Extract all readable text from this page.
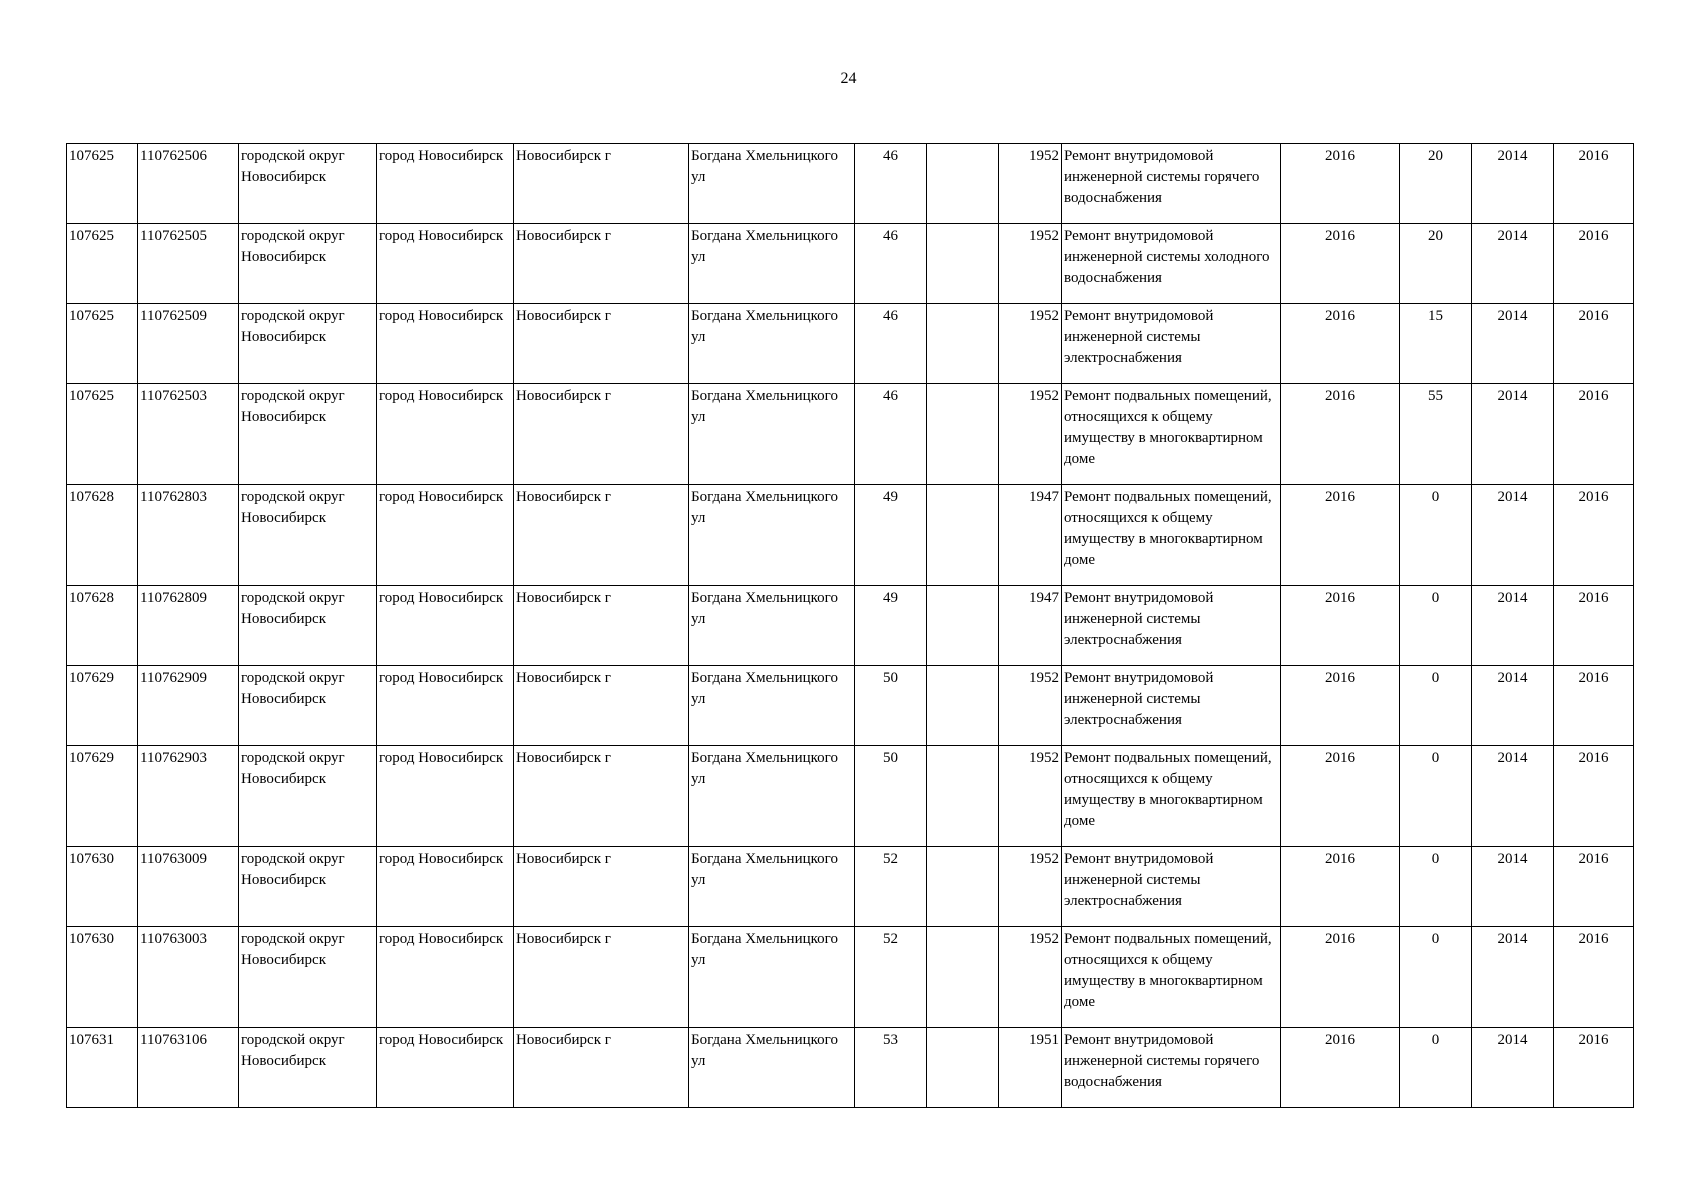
24
107625	110762506	городской округ Новосибирск	город Новосибирск	Новосибирск г	Богдана Хмельницкого ул	46		1952	Ремонт внутридомовой инженерной системы горячего водоснабжения	2016	20	2014	2016
107625	110762505	городской округ Новосибирск	город Новосибирск	Новосибирск г	Богдана Хмельницкого ул	46		1952	Ремонт внутридомовой инженерной системы холодного водоснабжения	2016	20	2014	2016
107625	110762509	городской округ Новосибирск	город Новосибирск	Новосибирск г	Богдана Хмельницкого ул	46		1952	Ремонт внутридомовой инженерной системы электроснабжения	2016	15	2014	2016
107625	110762503	городской округ Новосибирск	город Новосибирск	Новосибирск г	Богдана Хмельницкого ул	46		1952	Ремонт подвальных помещений, относящихся к общему имуществу в многоквартирном доме	2016	55	2014	2016
107628	110762803	городской округ Новосибирск	город Новосибирск	Новосибирск г	Богдана Хмельницкого ул	49		1947	Ремонт подвальных помещений, относящихся к общему имуществу в многоквартирном доме	2016	0	2014	2016
107628	110762809	городской округ Новосибирск	город Новосибирск	Новосибирск г	Богдана Хмельницкого ул	49		1947	Ремонт внутридомовой инженерной системы электроснабжения	2016	0	2014	2016
107629	110762909	городской округ Новосибирск	город Новосибирск	Новосибирск г	Богдана Хмельницкого ул	50		1952	Ремонт внутридомовой инженерной системы электроснабжения	2016	0	2014	2016
107629	110762903	городской округ Новосибирск	город Новосибирск	Новосибирск г	Богдана Хмельницкого ул	50		1952	Ремонт подвальных помещений, относящихся к общему имуществу в многоквартирном доме	2016	0	2014	2016
107630	110763009	городской округ Новосибирск	город Новосибирск	Новосибирск г	Богдана Хмельницкого ул	52		1952	Ремонт внутридомовой инженерной системы электроснабжения	2016	0	2014	2016
107630	110763003	городской округ Новосибирск	город Новосибирск	Новосибирск г	Богдана Хмельницкого ул	52		1952	Ремонт подвальных помещений, относящихся к общему имуществу в многоквартирном доме	2016	0	2014	2016
107631	110763106	городской округ Новосибирск	город Новосибирск	Новосибирск г	Богдана Хмельницкого ул	53		1951	Ремонт внутридомовой инженерной системы горячего водоснабжения	2016	0	2014	2016
